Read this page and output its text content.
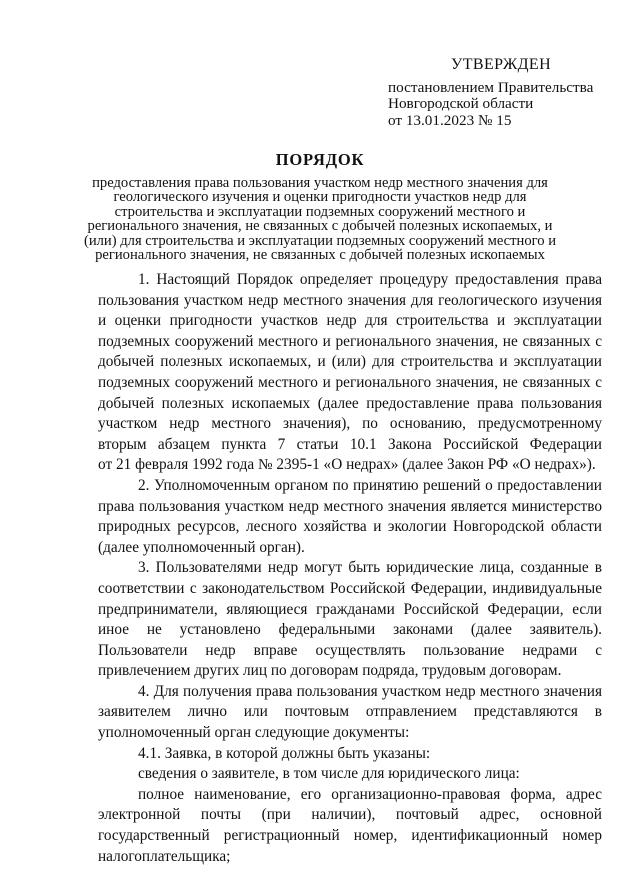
УТВЕРЖДЕН
постановлением Правительства
Новгородской области
от 13.01.2023 № 15
ПОРЯДОК
предоставления права пользования участком недр местного значения для
геологического изучения и оценки пригодности участков недр для
строительства и эксплуатации подземных сооружений местного и
регионального значения, не связанных с добычей полезных ископаемых, и
(или) для строительства и эксплуатации подземных сооружений местного и
регионального значения, не связанных с добычей полезных ископаемых
1. Настоящий Порядок определяет процедуру предоставления права
пользования участком недр местного значения для геологического изучения
и оценки пригодности участков недр для строительства и эксплуатации
подземных сооружений местного и регионального значения, не связанных с
добычей полезных ископаемых, и (или) для строительства и эксплуатации
подземных сооружений местного и регионального значения, не связанных с
добычей полезных ископаемых (далее предоставление права пользования
участком недр местного значения), по основанию, предусмотренному
вторым абзацем пункта 7 статьи 10.1 Закона Российской Федерации
от 21 февраля 1992 года № 2395-1 «О недрах» (далее Закон РФ «О недрах»).
2. Уполномоченным органом по принятию решений о предоставлении
права пользования участком недр местного значения является министерство
природных ресурсов, лесного хозяйства и экологии Новгородской области
(далее уполномоченный орган).
3. Пользователями недр могут быть юридические лица, созданные в
соответствии с законодательством Российской Федерации, индивидуальные
предприниматели, являющиеся гражданами Российской Федерации, если
иное не установлено федеральными законами (далее заявитель).
Пользователи недр вправе осуществлять пользование недрами с
привлечением других лиц по договорам подряда, трудовым договорам.
4. Для получения права пользования участком недр местного значения
заявителем лично или почтовым отправлением представляются в
уполномоченный орган следующие документы:
4.1. Заявка, в которой должны быть указаны:
сведения о заявителе, в том числе для юридического лица:
полное наименование, его организационно-правовая форма, адрес
электронной почты (при наличии), почтовый адрес, основной
государственный регистрационный номер, идентификационный номер
налогоплательщика;
